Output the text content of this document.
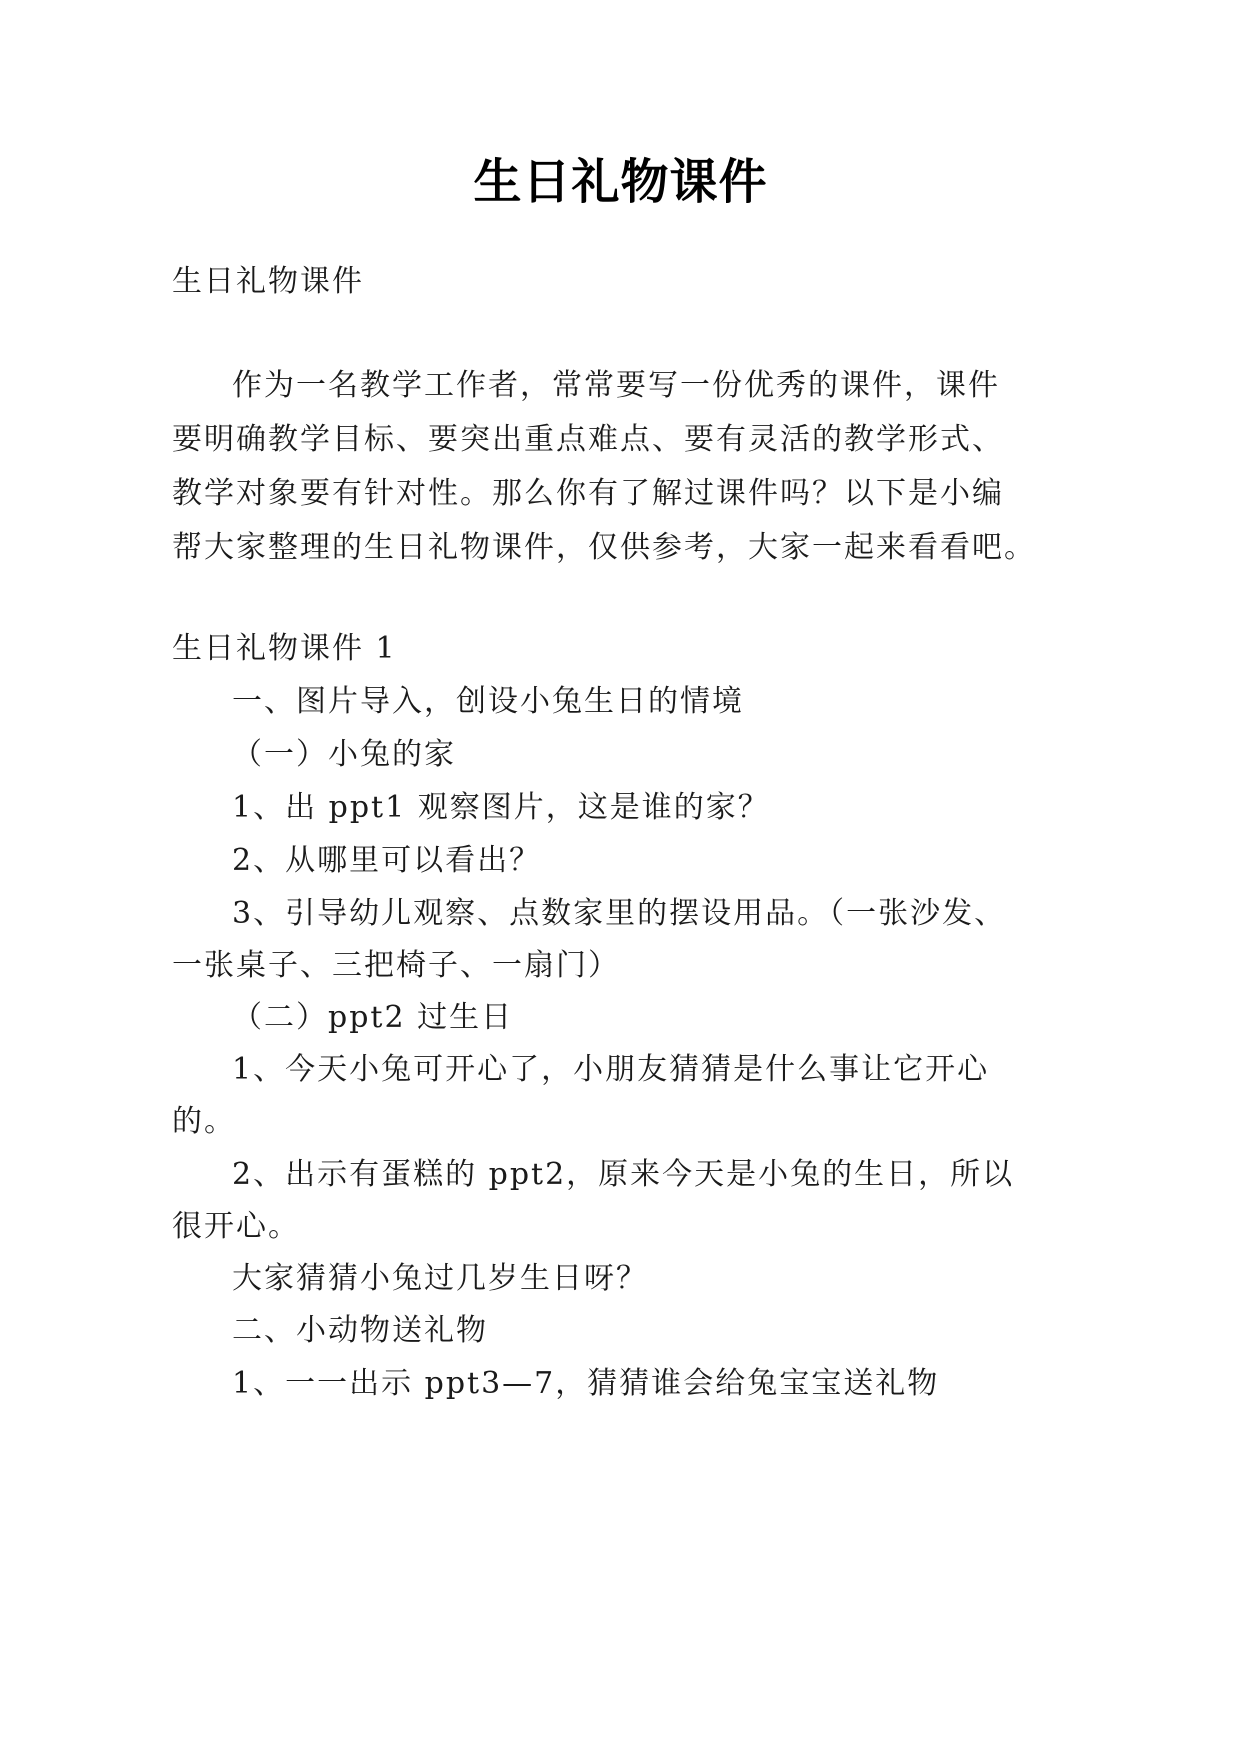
生日礼物课件
生日礼物课件
作为一名教学工作者，常常要写一份优秀的课件，课件
要明确教学目标、要突出重点难点、要有灵活的教学形式、
教学对象要有针对性。那么你有了解过课件吗？以下是小编
帮大家整理的生日礼物课件，仅供参考，大家一起来看看吧。
生日礼物课件 1
一、图片导入，创设小兔生日的情境
（一）小兔的家
1、出 ppt1 观察图片，这是谁的家？
2、从哪里可以看出？
3、引导幼儿观察、点数家里的摆设用品。（一张沙发、
一张桌子、三把椅子、一扇门）
（二）ppt2 过生日
1、今天小兔可开心了，小朋友猜猜是什么事让它开心
的。
2、出示有蛋糕的 ppt2，原来今天是小兔的生日，所以
很开心。
大家猜猜小兔过几岁生日呀？
二、小动物送礼物
1、一一出示 ppt3—7，猜猜谁会给兔宝宝送礼物
